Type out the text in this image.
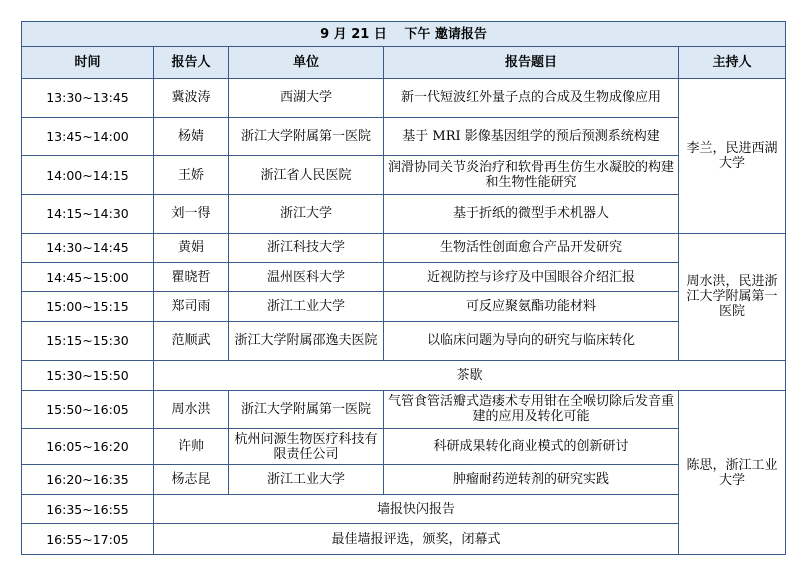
9 月 21 日　 下午 邀请报告				
时间	报告人	单位	报告题目	主持人
13:30~13:45	冀波涛	西湖大学	新一代短波红外量子点的合成及生物成像应用	李兰，民进西湖大学
13:45~14:00	杨婧	浙江大学附属第一医院	基于 MRI 影像基因组学的预后预测系统构建	
14:00~14:15	王娇	浙江省人民医院	润滑协同关节炎治疗和软骨再生仿生水凝胶的构建和生物性能研究	
14:15~14:30	刘一得	浙江大学	基于折纸的微型手术机器人	
14:30~14:45	黄娟	浙江科技大学	生物活性创面愈合产品开发研究	周水洪，民进浙江大学附属第一医院
14:45~15:00	瞿晓哲	温州医科大学	近视防控与诊疗及中国眼谷介绍汇报	
15:00~15:15	郑司雨	浙江工业大学	可反应聚氨酯功能材料	
15:15~15:30	范顺武	浙江大学附属邵逸夫医院	以临床问题为导向的研究与临床转化	
15:30~15:50	茶歇			
15:50~16:05	周水洪	浙江大学附属第一医院	气管食管活瓣式造瘘术专用钳在全喉切除后发音重建的应用及转化可能	陈思，浙江工业大学
16:05~16:20	许帅	杭州问源生物医疗科技有限责任公司	科研成果转化商业模式的创新研讨	
16:20~16:35	杨志昆	浙江工业大学	肿瘤耐药逆转剂的研究实践	
16:35~16:55	墙报快闪报告			
16:55~17:05	最佳墙报评选，颁奖，闭幕式			
